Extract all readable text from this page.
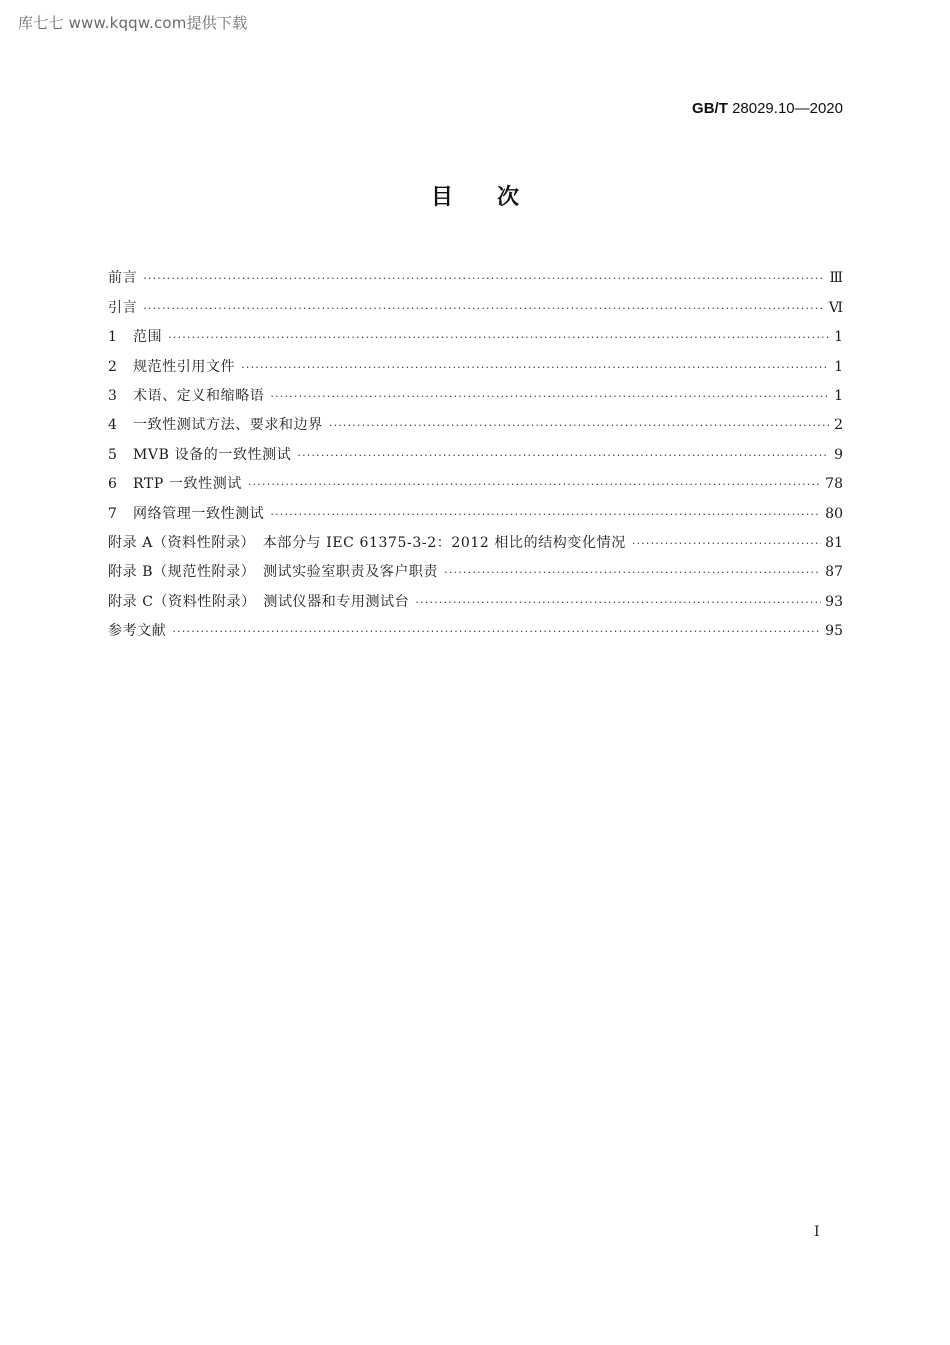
库七七 www.kqqw.com提供下载
GB/T 28029.10—2020
目次
前言 ·····	Ⅲ
引言 ·····	Ⅵ
1	范围 ·····	1
2	规范性引用文件 ·····	1
3	术语、定义和缩略语 ·····	1
4	一致性测试方法、要求和边界 ·····	2
5	MVB 设备的一致性测试 ·····	9
6	RTP 一致性测试 ·····	78
7	网络管理一致性测试 ·····	80
附录 A（资料性附录）　本部分与 IEC 61375-3-2：2012 相比的结构变化情况 ·····	81
附录 B（规范性附录）　测试实验室职责及客户职责 ·····	87
附录 C（资料性附录）　测试仪器和专用测试台 ·····	93
参考文献 ·····	95
I
